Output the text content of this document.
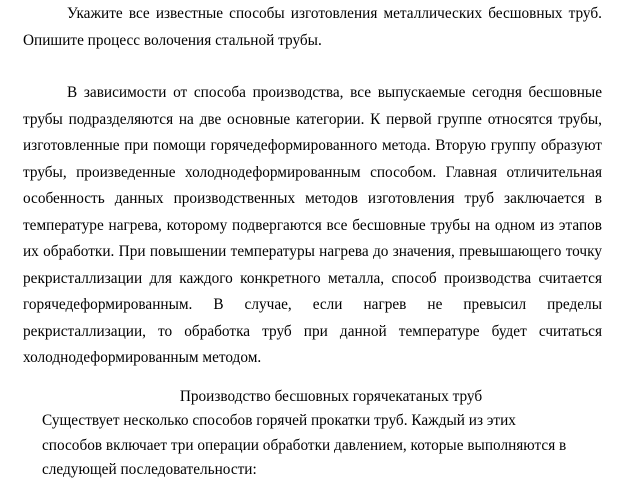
Укажите все известные способы изготовления металлических бесшовных труб. Опишите процесс волочения стальной трубы.

В зависимости от способа производства, все выпускаемые сегодня бесшовные трубы подразделяются на две основные категории. К первой группе относятся трубы, изготовленные при помощи горячедеформированного метода. Вторую группу образуют трубы, произведенные холоднодеформированным способом. Главная отличительная особенность данных производственных методов изготовления труб заключается в температуре нагрева, которому подвергаются все бесшовные трубы на одном из этапов их обработки. При повышении температуры нагрева до значения, превышающего точку рекристаллизации для каждого конкретного металла, способ производства считается горячедеформированным. В случае, если нагрев не превысил пределы рекристаллизации, то обработка труб при данной температуре будет считаться холоднодеформированным методом.

Производство бесшовных горячекатаных труб

Существует несколько способов горячей прокатки труб. Каждый из этих способов включает три операции обработки давлением, которые выполняются в следующей последовательности:
